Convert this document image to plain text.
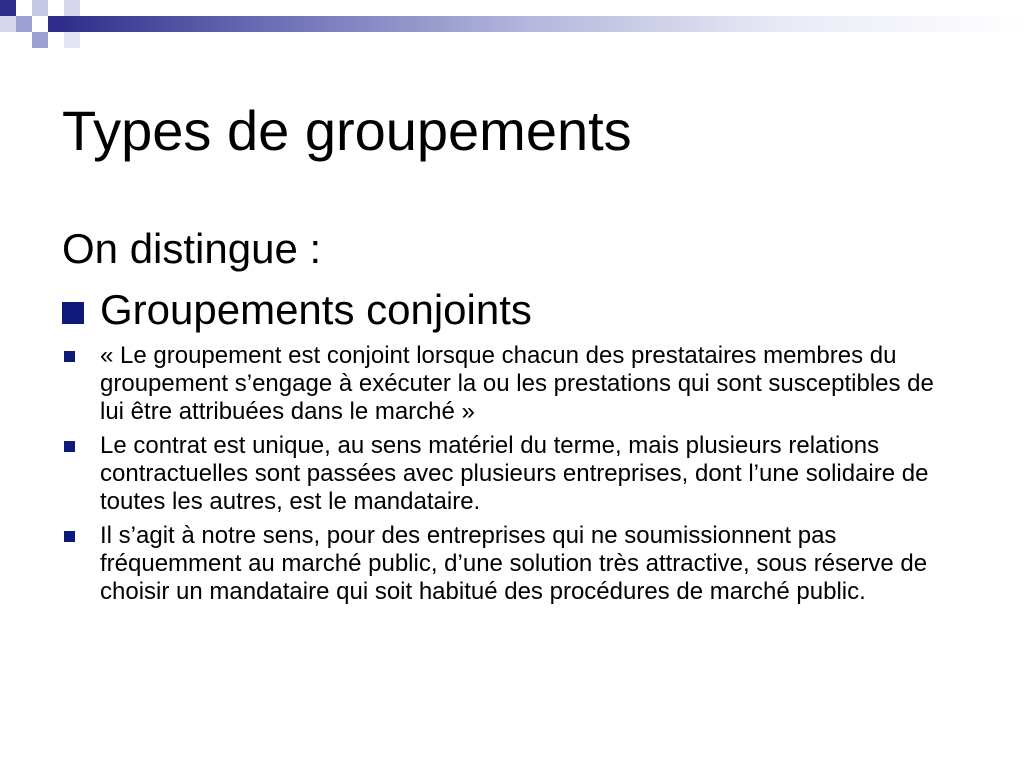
Types de groupements

On distingue :

Groupements conjoints
« Le groupement est conjoint lorsque chacun des prestataires membres du groupement s’engage à exécuter la ou les prestations qui sont susceptibles de lui être attribuées dans le marché »
Le contrat est unique, au sens matériel du terme, mais plusieurs relations contractuelles sont passées avec plusieurs entreprises, dont l’une solidaire de toutes les autres, est le mandataire.
Il s’agit à notre sens, pour des entreprises qui ne soumissionnent pas fréquemment au marché public, d’une solution très attractive, sous réserve de choisir un mandataire qui soit habitué des procédures de marché public.
